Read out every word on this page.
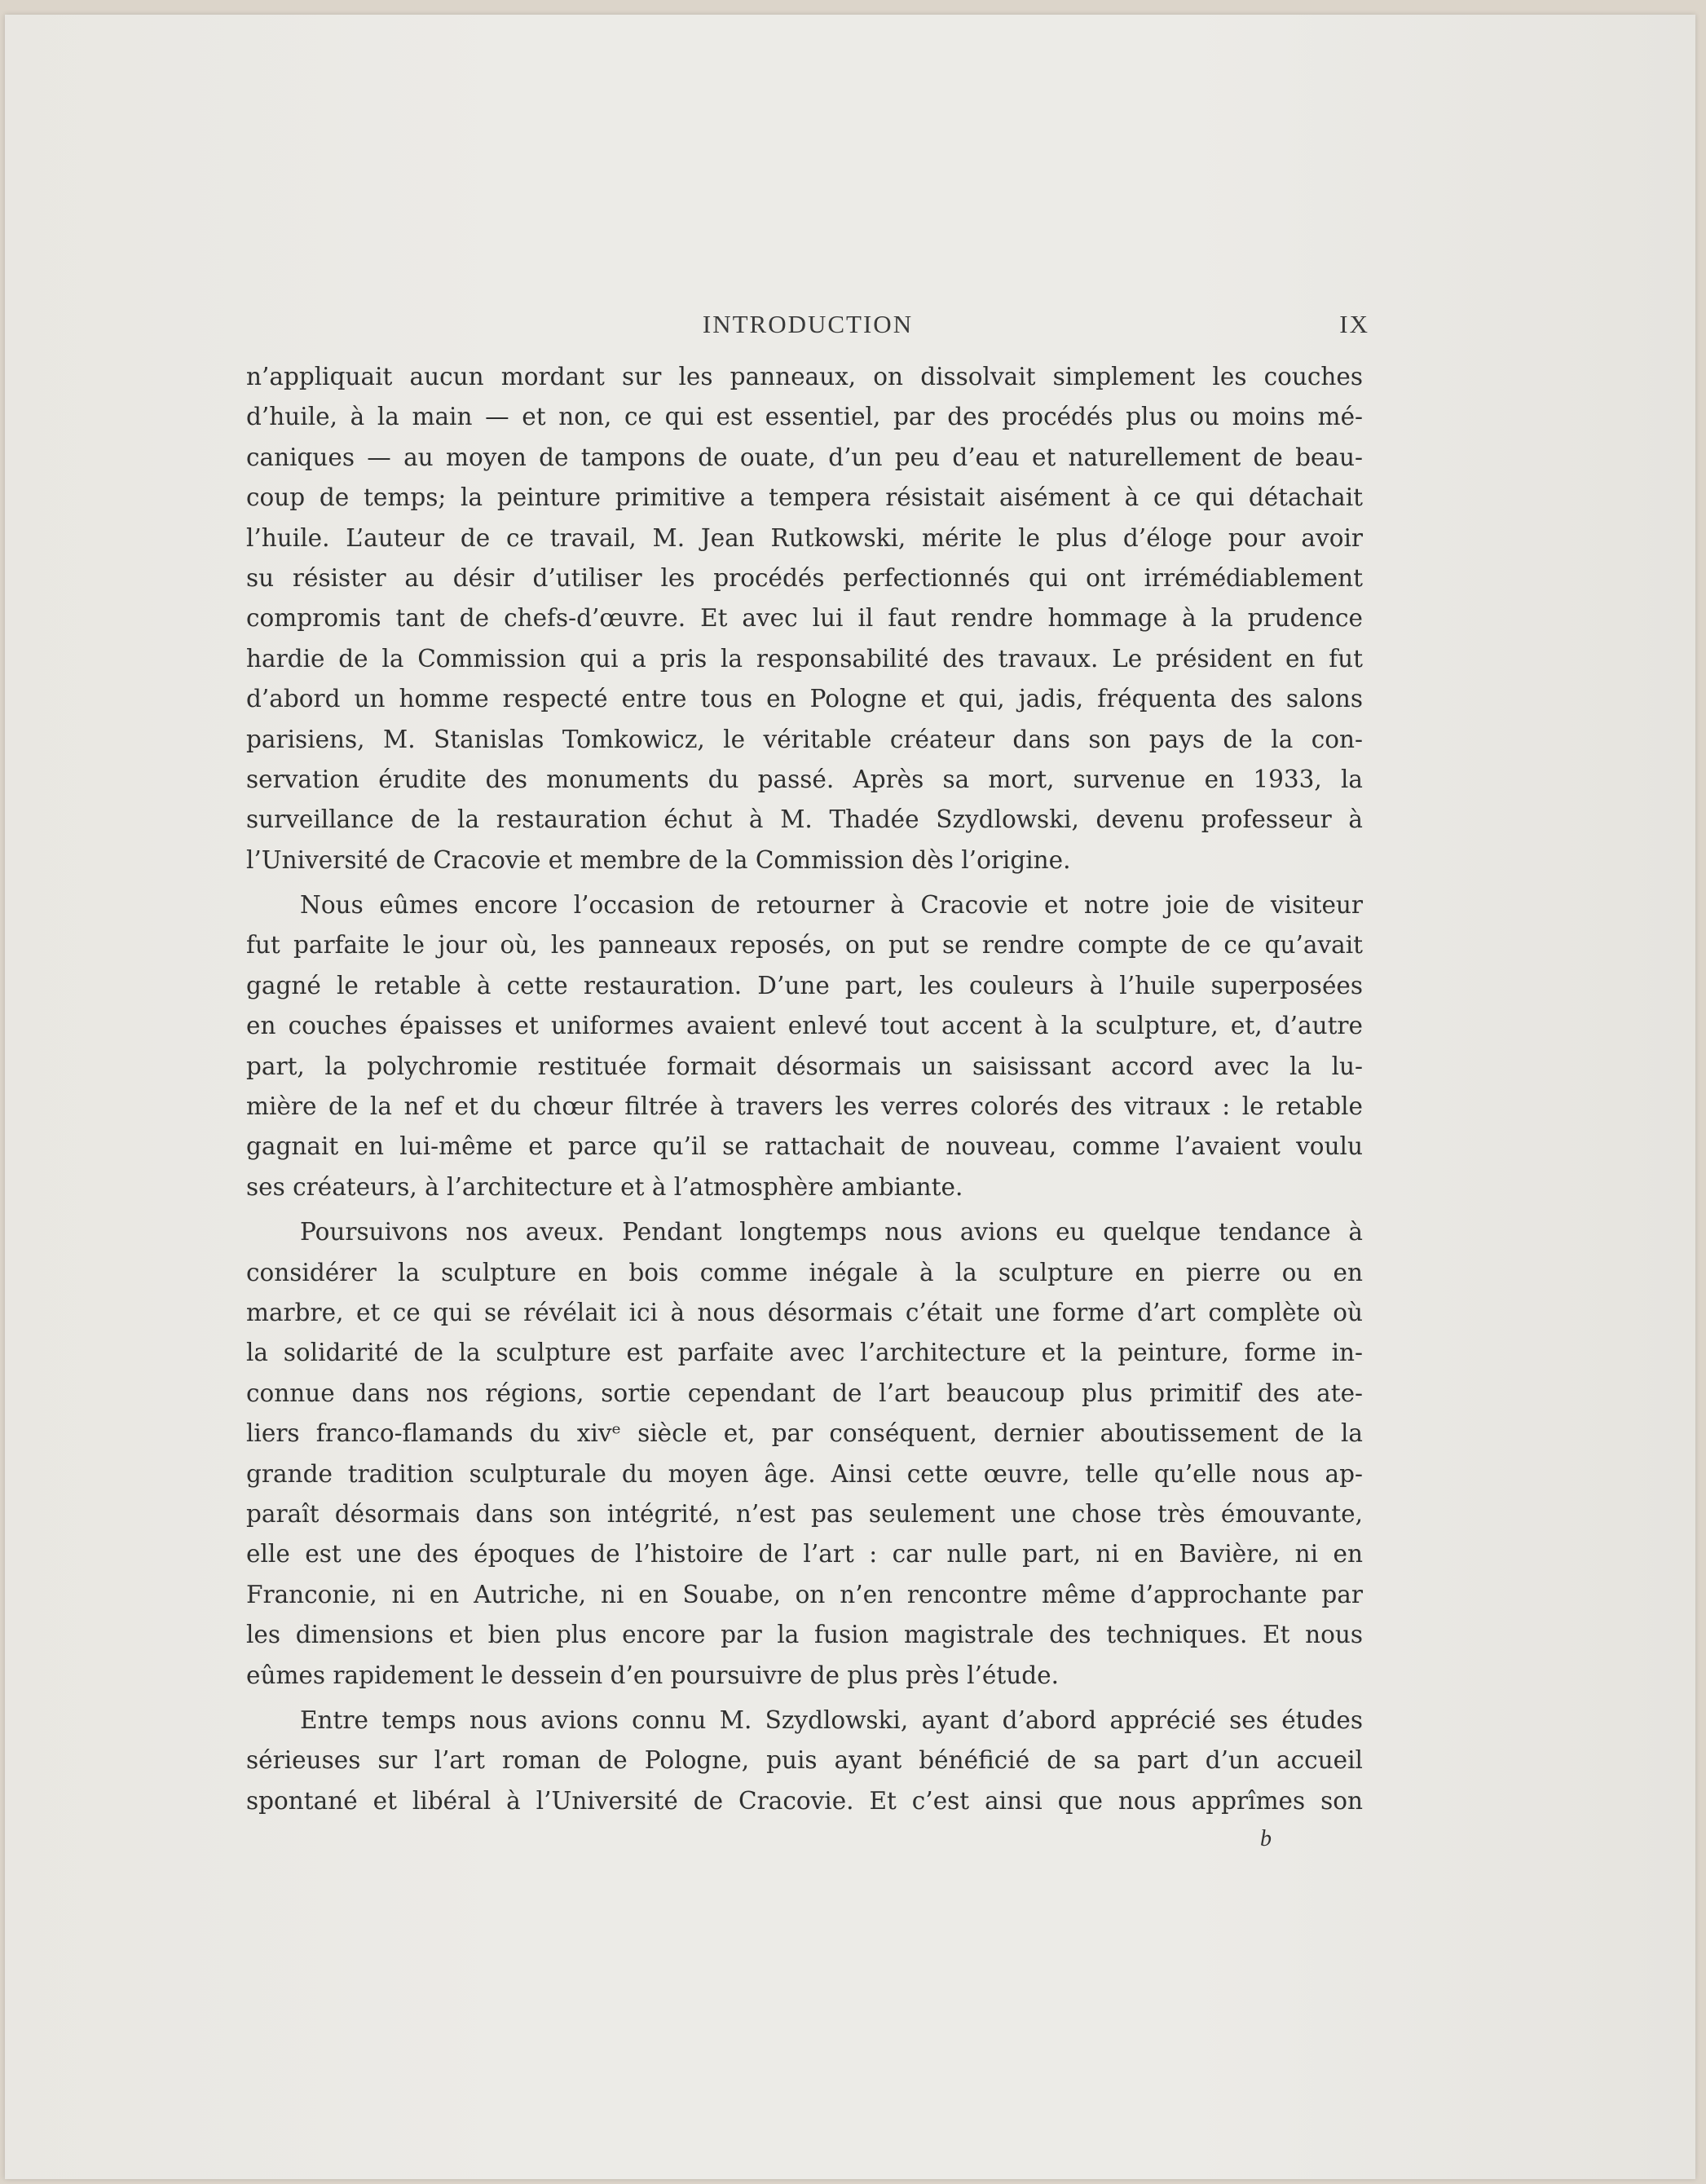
INTRODUCTION	IX
n’appliquait aucun mordant sur les panneaux, on dissolvait simplement les couches
d’huile, à la main — et non, ce qui est essentiel, par des procédés plus ou moins mé-
caniques — au moyen de tampons de ouate, d’un peu d’eau et naturellement de beau-
coup de temps; la peinture primitive a tempera résistait aisément à ce qui détachait
l’huile. L’auteur de ce travail, M. Jean Rutkowski, mérite le plus d’éloge pour avoir
su résister au désir d’utiliser les procédés perfectionnés qui ont irrémédiablement
compromis tant de chefs-d’œuvre. Et avec lui il faut rendre hommage à la prudence
hardie de la Commission qui a pris la responsabilité des travaux. Le président en fut
d’abord un homme respecté entre tous en Pologne et qui, jadis, fréquenta des salons
parisiens, M. Stanislas Tomkowicz, le véritable créateur dans son pays de la con-
servation érudite des monuments du passé. Après sa mort, survenue en 1933, la
surveillance de la restauration échut à M. Thadée Szydlowski, devenu professeur à
l’Université de Cracovie et membre de la Commission dès l’origine.
Nous eûmes encore l’occasion de retourner à Cracovie et notre joie de visiteur
fut parfaite le jour où, les panneaux reposés, on put se rendre compte de ce qu’avait
gagné le retable à cette restauration. D’une part, les couleurs à l’huile superposées
en couches épaisses et uniformes avaient enlevé tout accent à la sculpture, et, d’autre
part, la polychromie restituée formait désormais un saisissant accord avec la lu-
mière de la nef et du chœur filtrée à travers les verres colorés des vitraux : le retable
gagnait en lui-même et parce qu’il se rattachait de nouveau, comme l’avaient voulu
ses créateurs, à l’architecture et à l’atmosphère ambiante.
Poursuivons nos aveux. Pendant longtemps nous avions eu quelque tendance à
considérer la sculpture en bois comme inégale à la sculpture en pierre ou en
marbre, et ce qui se révélait ici à nous désormais c’était une forme d’art complète où
la solidarité de la sculpture est parfaite avec l’architecture et la peinture, forme in-
connue dans nos régions, sortie cependant de l’art beaucoup plus primitif des ate-
liers franco-flamands du xivᵉ siècle et, par conséquent, dernier aboutissement de la
grande tradition sculpturale du moyen âge. Ainsi cette œuvre, telle qu’elle nous ap-
paraît désormais dans son intégrité, n’est pas seulement une chose très émouvante,
elle est une des époques de l’histoire de l’art : car nulle part, ni en Bavière, ni en
Franconie, ni en Autriche, ni en Souabe, on n’en rencontre même d’approchante par
les dimensions et bien plus encore par la fusion magistrale des techniques. Et nous
eûmes rapidement le dessein d’en poursuivre de plus près l’étude.
Entre temps nous avions connu M. Szydlowski, ayant d’abord apprécié ses études
sérieuses sur l’art roman de Pologne, puis ayant bénéficié de sa part d’un accueil
spontané et libéral à l’Université de Cracovie. Et c’est ainsi que nous apprîmes son
b
